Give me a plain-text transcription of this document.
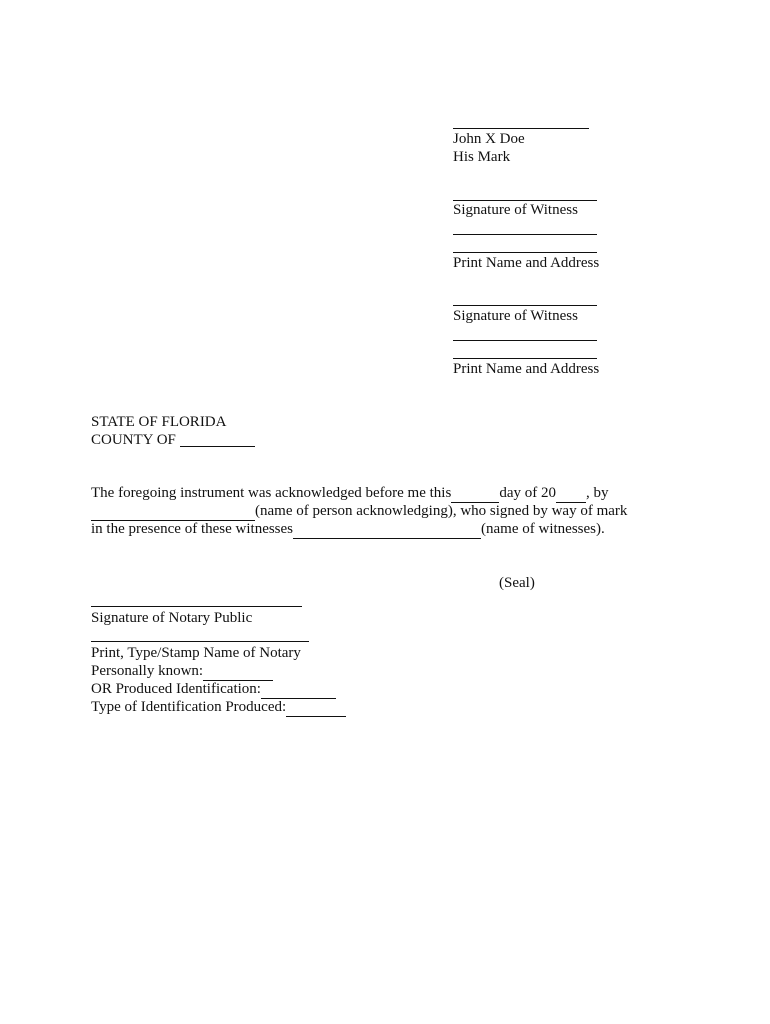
John X Doe
His Mark
Signature of Witness
Print Name and Address
Signature of Witness
Print Name and Address
STATE OF FLORIDA
COUNTY OF
The foregoing instrument was acknowledged before me this	day of 20 , by
(name of person acknowledging), who signed by way of mark
in the presence of these witnesses	(name of witnesses).
(Seal)
Signature of Notary Public
Print, Type/Stamp Name of Notary
Personally known:
OR Produced Identification:
Type of Identification Produced:
